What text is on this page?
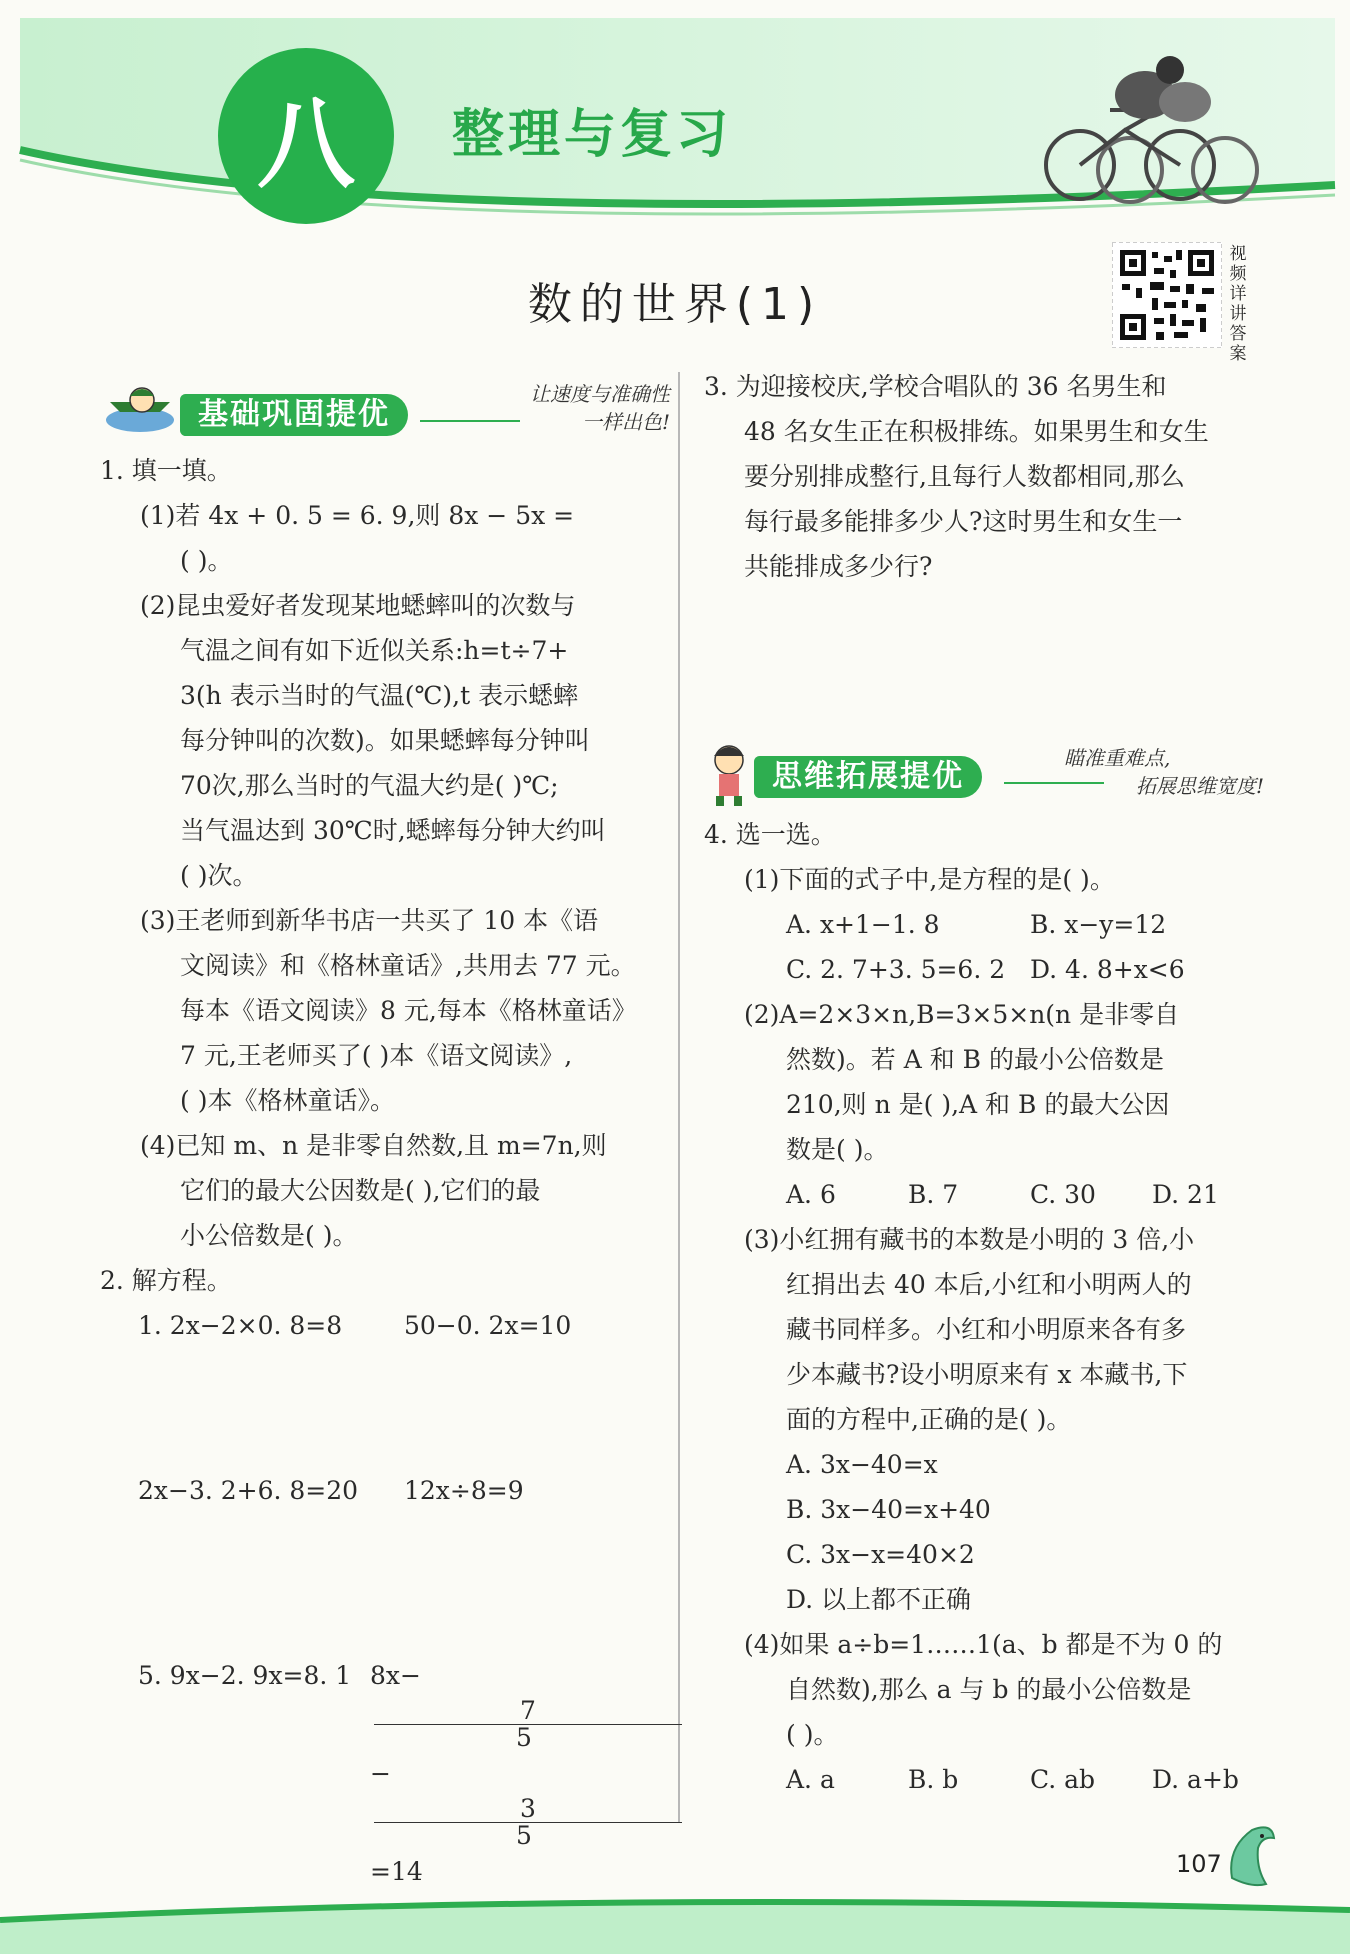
八 整理与复习
数的世界(1)
视频详讲答案
基础巩固提优
让速度与准确性
一样出色!
1. 填一填。
(1)若 4x + 0. 5 = 6. 9,则 8x − 5x =
( )。
(2)昆虫爱好者发现某地蟋蟀叫的次数与
气温之间有如下近似关系:h=t÷7+
3(h 表示当时的气温(℃),t 表示蟋蟀
每分钟叫的次数)。如果蟋蟀每分钟叫
70次,那么当时的气温大约是( )℃;
当气温达到 30℃时,蟋蟀每分钟大约叫
( )次。
(3)王老师到新华书店一共买了 10 本《语
文阅读》和《格林童话》,共用去 77 元。
每本《语文阅读》8 元,每本《格林童话》
7 元,王老师买了( )本《语文阅读》,
( )本《格林童话》。
(4)已知 m、n 是非零自然数,且 m=7n,则
它们的最大公因数是( ),它们的最
小公倍数是( )。
2. 解方程。
1. 2x−2×0. 8=8	50−0. 2x=10
2x−3. 2+6. 8=20	12x÷8=9
5. 9x−2. 9x=8. 1 8x−
$\frac{7}{5}$
−
$\frac{3}{5}$
=14
3. 为迎接校庆,学校合唱队的 36 名男生和
48 名女生正在积极排练。如果男生和女生
要分别排成整行,且每行人数都相同,那么
每行最多能排多少人?这时男生和女生一
共能排成多少行?
思维拓展提优
瞄准重难点,
拓展思维宽度!
4. 选一选。
(1)下面的式子中,是方程的是( )。
A. x+1−1. 8	B. x−y=12
C. 2. 7+3. 5=6. 2 D. 4. 8+x<6
(2)A=2×3×n,B=3×5×n(n 是非零自
然数)。若 A 和 B 的最小公倍数是
210,则 n 是( ),A 和 B 的最大公因
数是( )。
A. 6	B. 7	C. 30	D. 21
(3)小红拥有藏书的本数是小明的 3 倍,小
红捐出去 40 本后,小红和小明两人的
藏书同样多。小红和小明原来各有多
少本藏书?设小明原来有 x 本藏书,下
面的方程中,正确的是( )。
A. 3x−40=x
B. 3x−40=x+40
C. 3x−x=40×2
D. 以上都不正确
(4)如果 a÷b=1……1(a、b 都是不为 0 的
自然数),那么 a 与 b 的最小公倍数是
( )。
A. a	B. b	C. ab	D. a+b
107
